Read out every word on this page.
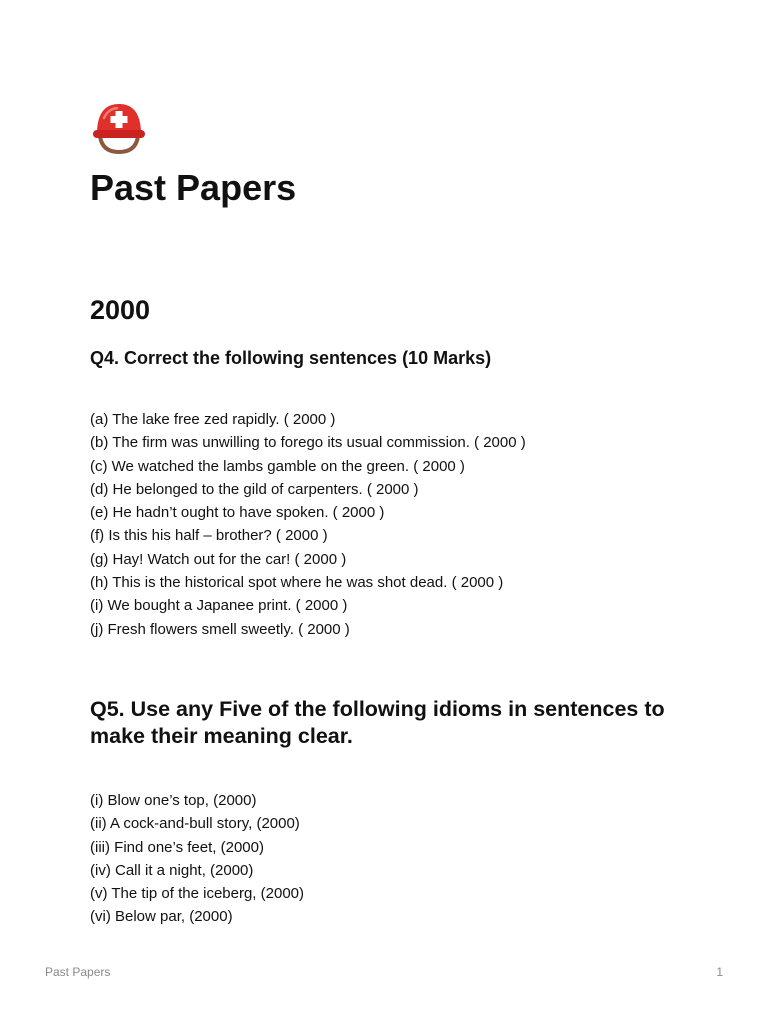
Past Papers
2000
Q4. Correct the following sentences (10 Marks)
(a) The lake free zed rapidly. ( 2000 )
(b) The firm was unwilling to forego its usual commission. ( 2000 )
(c) We watched the lambs gamble on the green. ( 2000 )
(d) He belonged to the gild of carpenters. ( 2000 )
(e) He hadn’t ought to have spoken. ( 2000 )
(f) Is this his half – brother? ( 2000 )
(g) Hay! Watch out for the car! ( 2000 )
(h) This is the historical spot where he was shot dead. ( 2000 )
(i) We bought a Japanee print. ( 2000 )
(j) Fresh flowers smell sweetly. ( 2000 )
Q5. Use any Five of the following idioms in sentences to make their meaning clear.
(i) Blow one’s top, (2000)
(ii) A cock-and-bull story, (2000)
(iii) Find one’s feet, (2000)
(iv) Call it a night, (2000)
(v) The tip of the iceberg, (2000)
(vi) Below par, (2000)
Past Papers	1
